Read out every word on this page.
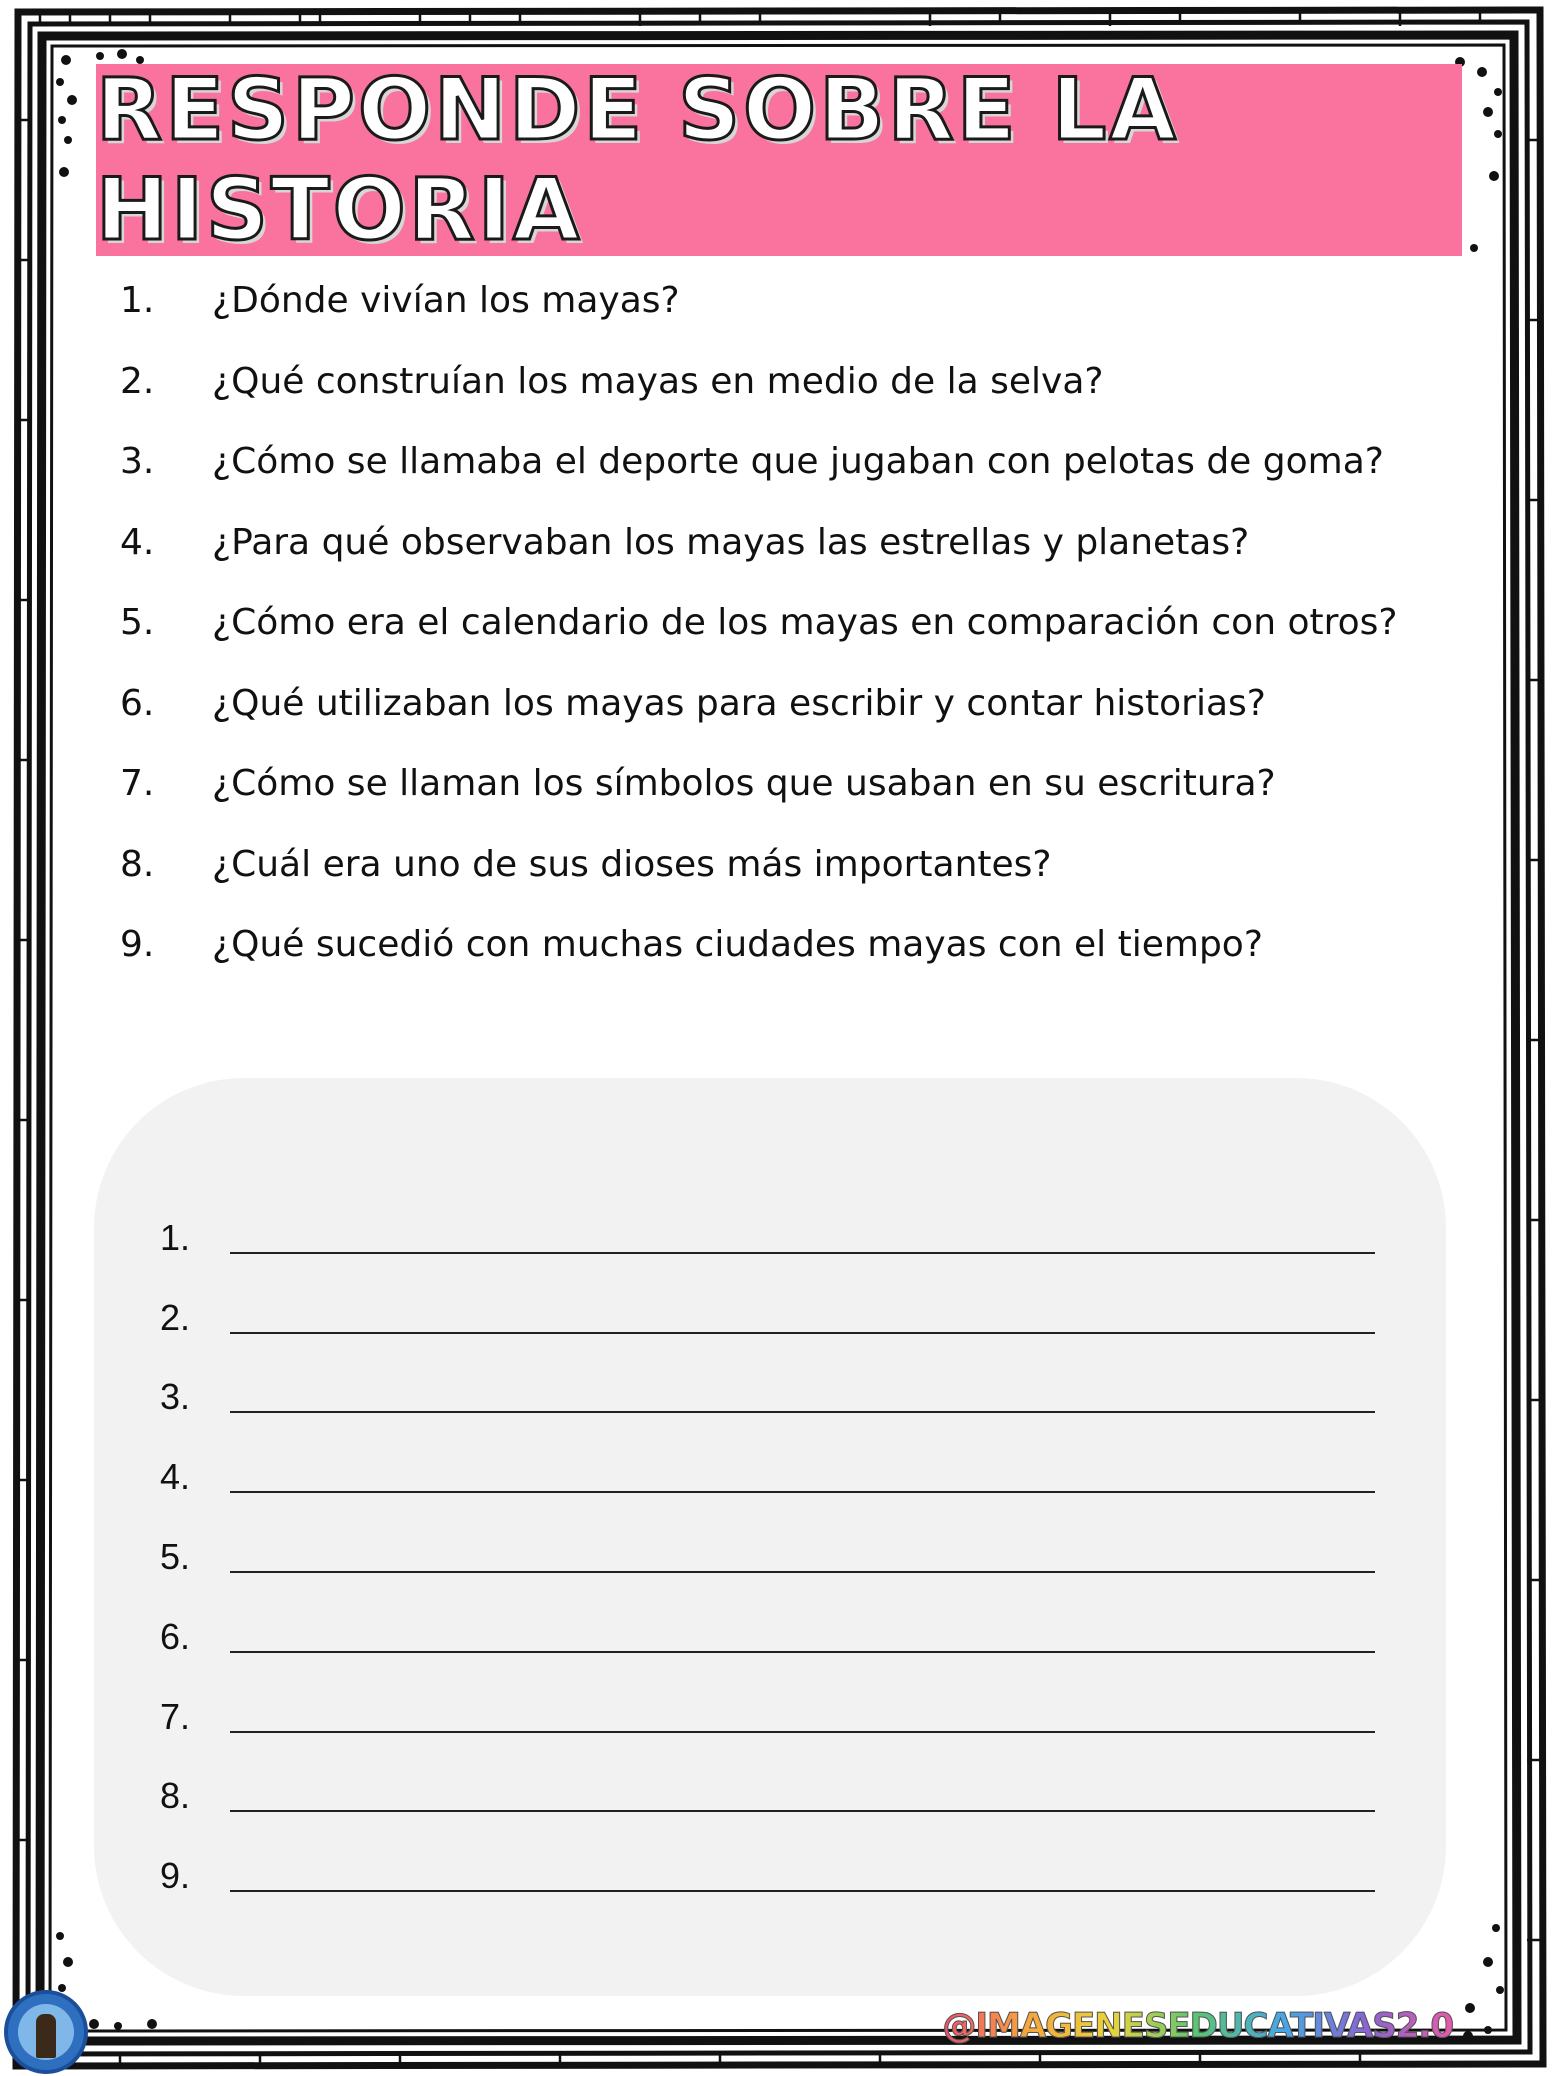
RESPONDE SOBRE LA HISTORIA
1.	¿Dónde vivían los mayas?
2.	¿Qué construían los mayas en medio de la selva?
3.	¿Cómo se llamaba el deporte que jugaban con pelotas de goma?
4.	¿Para qué observaban los mayas las estrellas y planetas?
5.	¿Cómo era el calendario de los mayas en comparación con otros?
6.	¿Qué utilizaban los mayas para escribir y contar historias?
7.	¿Cómo se llaman los símbolos que usaban en su escritura?
8.	¿Cuál era uno de sus dioses más importantes?
9.	¿Qué sucedió con muchas ciudades mayas con el tiempo?
1.
2.
3.
4.
5.
6.
7.
8.
9.
@IMAGENESEDUCATIVAS2.0
